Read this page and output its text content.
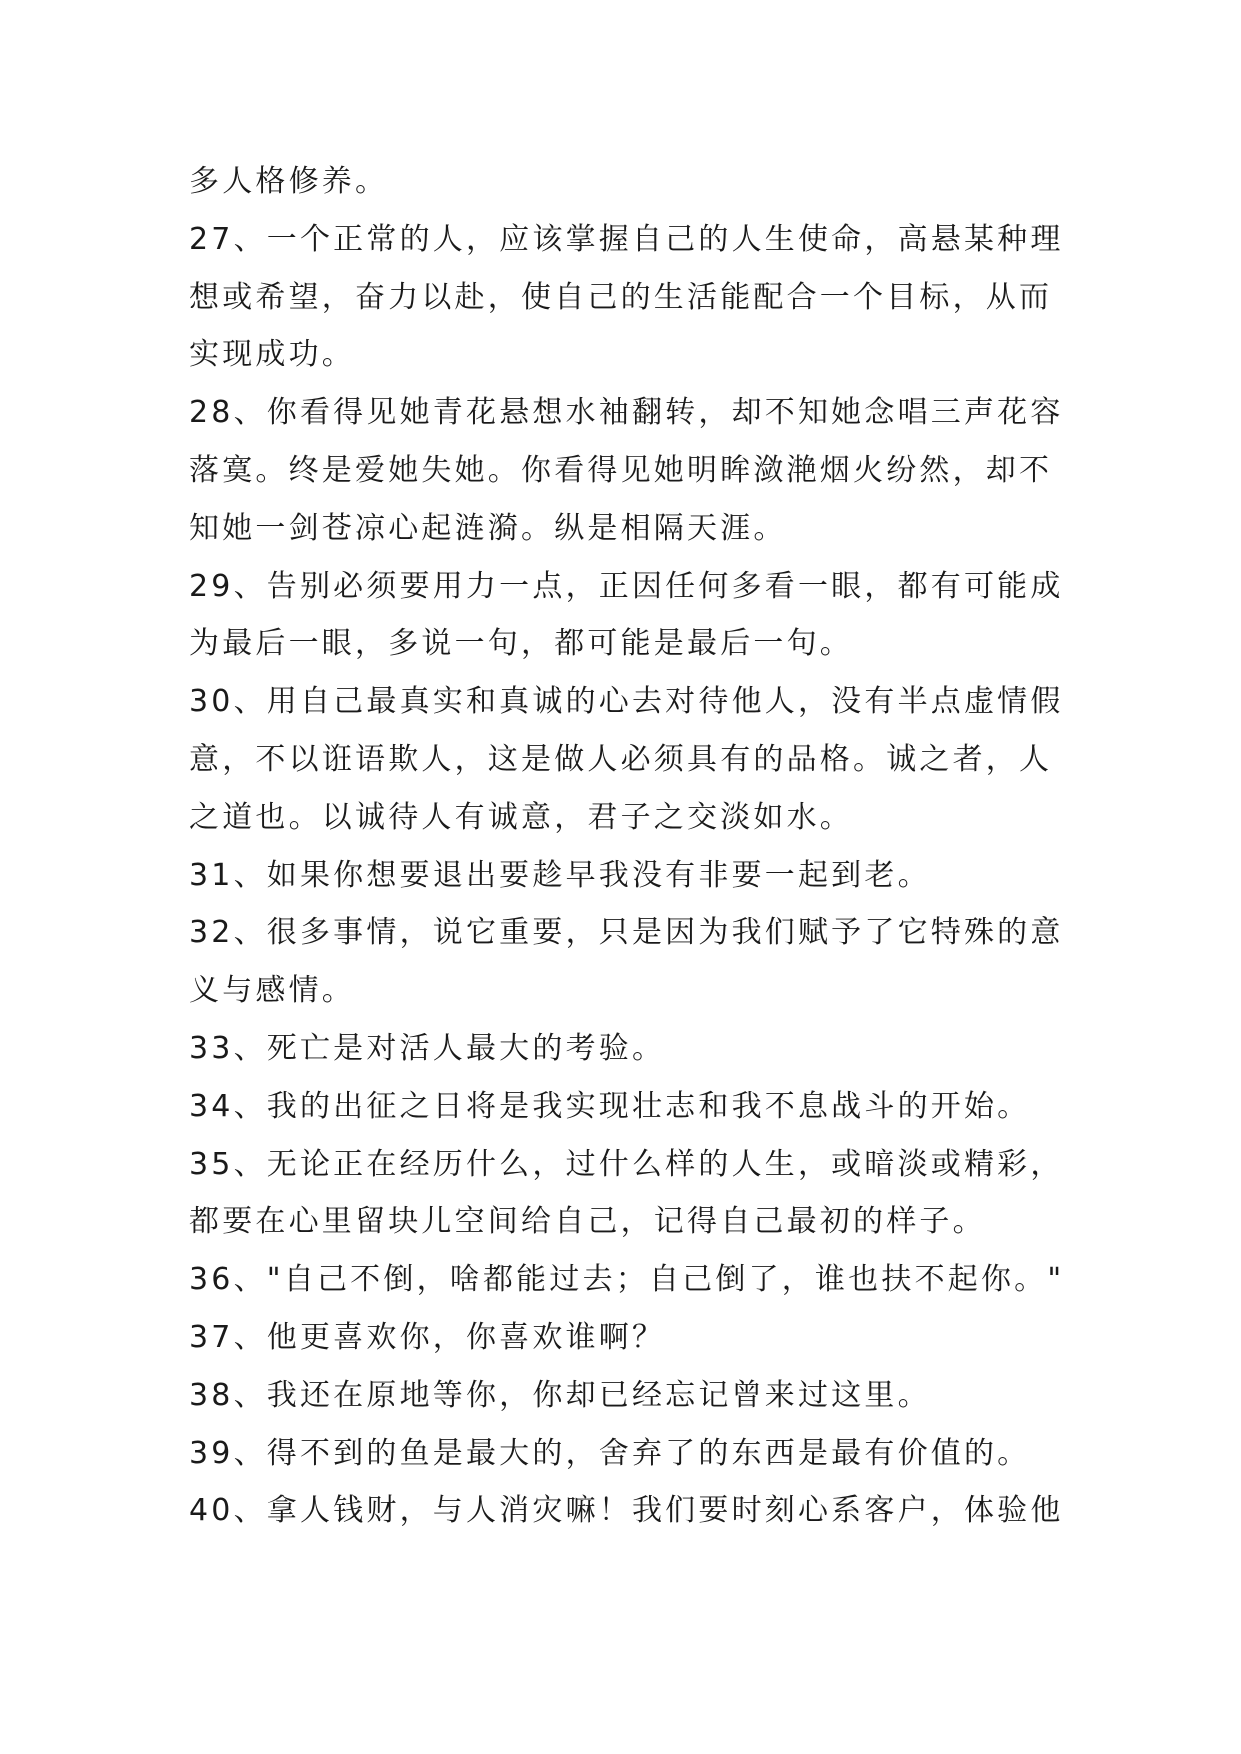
多人格修养。
27、一个正常的人，应该掌握自己的人生使命，高悬某种理
想或希望，奋力以赴，使自己的生活能配合一个目标，从而
实现成功。
28、你看得见她青花悬想水袖翻转，却不知她念唱三声花容
落寞。终是爱她失她。你看得见她明眸潋滟烟火纷然，却不
知她一剑苍凉心起涟漪。纵是相隔天涯。
29、告别必须要用力一点，正因任何多看一眼，都有可能成
为最后一眼，多说一句，都可能是最后一句。
30、用自己最真实和真诚的心去对待他人，没有半点虚情假
意，不以诳语欺人，这是做人必须具有的品格。诚之者，人
之道也。以诚待人有诚意，君子之交淡如水。
31、如果你想要退出要趁早我没有非要一起到老。
32、很多事情，说它重要，只是因为我们赋予了它特殊的意
义与感情。
33、死亡是对活人最大的考验。
34、我的出征之日将是我实现壮志和我不息战斗的开始。
35、无论正在经历什么，过什么样的人生，或暗淡或精彩，
都要在心里留块儿空间给自己，记得自己最初的样子。
36、"自己不倒，啥都能过去；自己倒了，谁也扶不起你。"
37、他更喜欢你，你喜欢谁啊？
38、我还在原地等你，你却已经忘记曾来过这里。
39、得不到的鱼是最大的，舍弃了的东西是最有价值的。
40、拿人钱财，与人消灾嘛！我们要时刻心系客户，体验他
